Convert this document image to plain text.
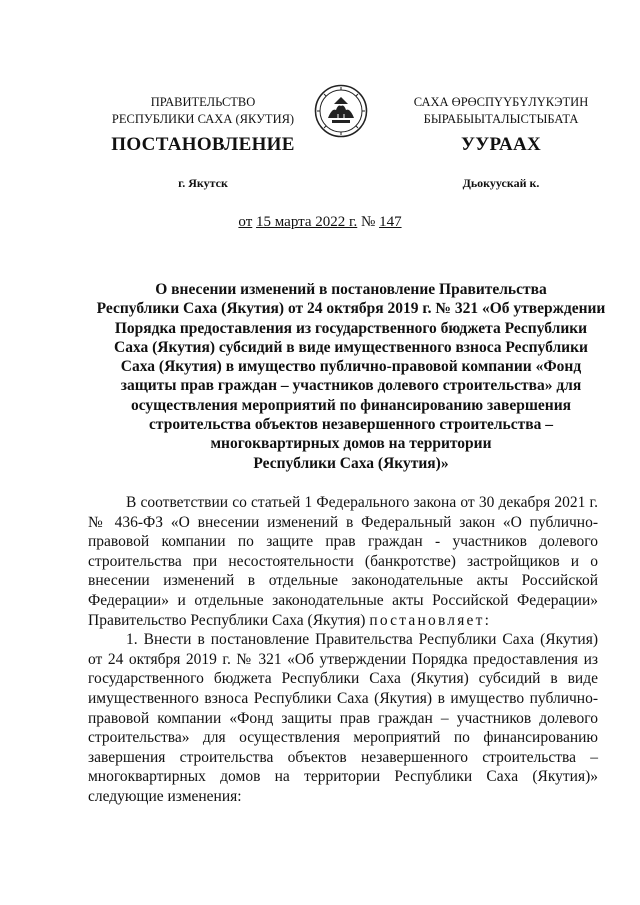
ПРАВИТЕЛЬСТВО
РЕСПУБЛИКИ САХА (ЯКУТИЯ)
САХА ӨРӨСПҮҮБҮЛҮКЭТИН
БЫРАБЫЫТАЛЫСТЫБАТА
ПОСТАНОВЛЕНИЕ	УУРААХ
г. Якутск	Дьокуускай к.
от 15 марта 2022 г. № 147
О внесении изменений в постановление Правительства
Республики Саха (Якутия) от 24 октября 2019 г. № 321 «Об утверждении
Порядка предоставления из государственного бюджета Республики
Саха (Якутия) субсидий в виде имущественного взноса Республики
Саха (Якутия) в имущество публично-правовой компании «Фонд
защиты прав граждан – участников долевого строительства» для
осуществления мероприятий по финансированию завершения
строительства объектов незавершенного строительства –
многоквартирных домов на территории
Республики Саха (Якутия)»

В соответствии со статьей 1 Федерального закона от 30 декабря 2021 г. № 436-ФЗ «О внесении изменений в Федеральный закон «О публично-правовой компании по защите прав граждан - участников долевого строительства при несостоятельности (банкротстве) застройщиков и о внесении изменений в отдельные законодательные акты Российской Федерации» и отдельные законодательные акты Российской Федерации» Правительство Республики Саха (Якутия) постановляет:

1. Внести в постановление Правительства Республики Саха (Якутия) от 24 октября 2019 г. № 321 «Об утверждении Порядка предоставления из государственного бюджета Республики Саха (Якутия) субсидий в виде имущественного взноса Республики Саха (Якутия) в имущество публично-правовой компании «Фонд защиты прав граждан – участников долевого строительства» для осуществления мероприятий по финансированию завершения строительства объектов незавершенного строительства – многоквартирных домов на территории Республики Саха (Якутия)» следующие изменения:
